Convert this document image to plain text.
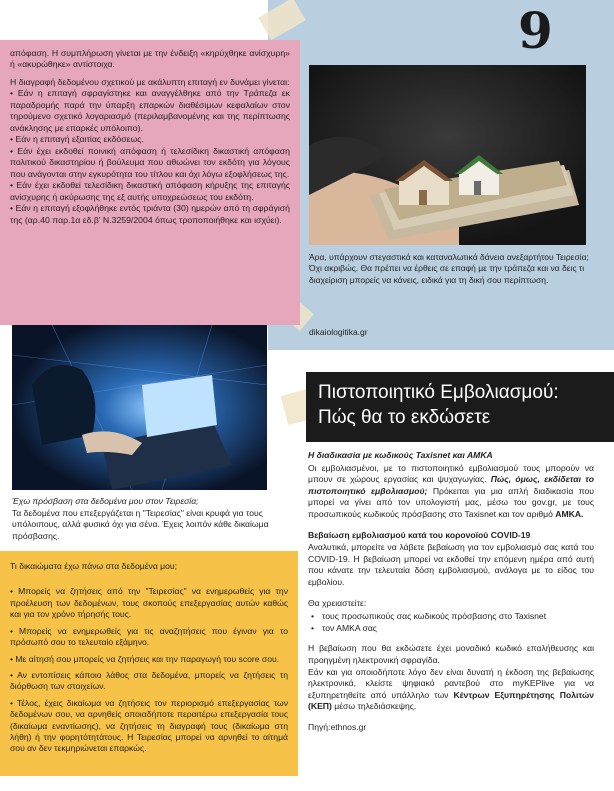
9

απόφαση. Η συμπλήρωση γίνεται με την ένδειξη «κηρύχθηκε ανίσχυρη» ή «ακυρώθηκε» αντίστοιχα.

Η διαγραφή δεδομένου σχετικού με ακάλυπτη επιταγή εν δυνάμει γίνεται:

• Εάν η επιταγή σφραγίστηκε και αναγγέλθηκε από την Τράπεζα εκ παραδρομής παρά την ύπαρξη επαρκών διαθέσιμων κεφαλαίων στον τηρούμενο σχετικό λογαριασμό (περιλαμβανομένης και της περίπτωσης ανάκλησης με επαρκές υπόλοιπο).
• Εάν η επιταγή εξαιτίας εκδόσεως.
• Εάν έχει εκδοθεί ποινική απόφαση ή τελεσίδικη δικαστική απόφαση πολιτικού δικαστηρίου ή βούλευμα που αθωώνει τον εκδότη για λόγους που ανάγονται στην εγκυρότητα του τίτλου και όχι λόγω εξοφλήσεως της.
• Εάν έχει εκδοθεί τελεσίδικη δικαστική απόφαση κήρυξης της επιταγής ανίσχυρης ή ακύρωσης της εξ αυτής υποχρεώσεως του εκδότη.
• Εάν η επιταγή εξοφλήθηκε εντός τριάντα (30) ημερών από τη σφράγισή της (αρ.40 παρ.1α εδ.β' Ν.3259/2004 όπως τροποποιήθηκε και ισχύει).
Άρα, υπάρχουν στεγαστικά και καταναλωτικά δάνεια ανεξαρτήτου Τειρεσία; Όχι ακριβώς. Θα πρέπει να έρθεις σε επαφή με την τράπεζα και να δεις τι διαχείριση μπορείς να κάνεις, ειδικά για τη δική σου περίπτωση.
dikaiologitika.gr
Πιστοποιητικό Εμβολιασμού:
Πώς θα το εκδώσετε
Έχω πρόσβαση στα δεδομένα μου στον Τειρεσία;
Τα δεδομένα που επεξεργάζεται η "Τειρεσίας" είναι κρυφά για τους υπόλοιπους, αλλά φυσικά όχι για σένα. Έχεις λοιπόν κάθε δικαίωμα πρόσβασης.
Τι δικαιώματα έχω πάνω στα δεδομένα μου;
• Μπορείς να ζητήσεις από την "Τειρεσίας" να ενημερωθείς για την προέλευση των δεδομένων, τους σκοπούς επεξεργασίας αυτών καθώς και για τον χρόνο τήρησής τους.
• Μπορείς να ενημερωθείς για τις αναζητήσεις που έγιναν για το πρόσωπό σου το τελευταίο εξάμηνο.
• Με αίτησή σου μπορείς να ζητήσεις και την παραγωγή του score σου.
• Αν εντοπίσεις κάποιο λάθος στα δεδομένα, μπορείς να ζητήσεις τη διόρθωση των στοιχείων.
• Τέλος, έχεις δικαίωμα να ζητήσεις τον περιορισμό επεξεργασίας των δεδομένων σου, να αρνηθείς οποιαδήποτε περαιτέρω επεξεργασία τους (δικαίωμα εναντίωσης), να ζητήσεις τη διαγραφή τους (δικαίωμα στη λήθη) ή την φορητότητάτους. Η Τειρεσίας μπορεί να αρνηθεί το αίτημά σου αν δεν τεκμηριώνεται επαρκώς.
Η διαδικασία με κωδικούς Taxisnet και ΑΜΚΑ

Οι εμβολιασμένοι, με το πιστοποιητικό εμβολιασμού τους μπορούν να μπουν σε χώρους εργασίας και ψυχαγωγίας. Πώς, όμως, εκδίδεται το πιστοποιητικό εμβολιασμού; Πρόκειται για μια απλή διαδικασία που μπορεί να γίνει από τον υπολογιστή μας, μέσω του gov.gr, με τους προσωπικούς κωδικούς πρόσβασης στο Taxisnet και τον αριθμό ΑΜΚΑ.

Βεβαίωση εμβολιασμού κατά του κορονοϊού COVID-19

Αναλυτικά, μπορείτε να λάβετε βεβαίωση για τον εμβολιασμό σας κατά του COVID-19. Η βεβαίωση μπορεί να εκδοθεί την επόμενη ημέρα από αυτή που κάνατε την τελευταία δόση εμβολιασμού, ανάλογα με το είδος του εμβολίου.

Θα χρειαστείτε:
• τους προσωπικούς σας κωδικούς πρόσβασης στο Taxisnet
• τον ΑΜΚΑ σας
Η βεβαίωση που θα εκδώσετε έχει μοναδικό κωδικό επαλήθευσης και προηγμένη ηλεκτρονική σφραγίδα.

Εάν και για οποιοδήποτε λόγο δεν είναι δυνατή η έκδοση της βεβαίωσης ηλεκτρονικά, κλείστε ψηφιακό ραντεβού στο myKEPlive για να εξυπηρετηθείτε από υπάλληλο των Κέντρων Εξυπηρέτησης Πολιτών (ΚΕΠ) μέσω τηλεδιάσκεψης.

Πηγή:ethnos.gr
